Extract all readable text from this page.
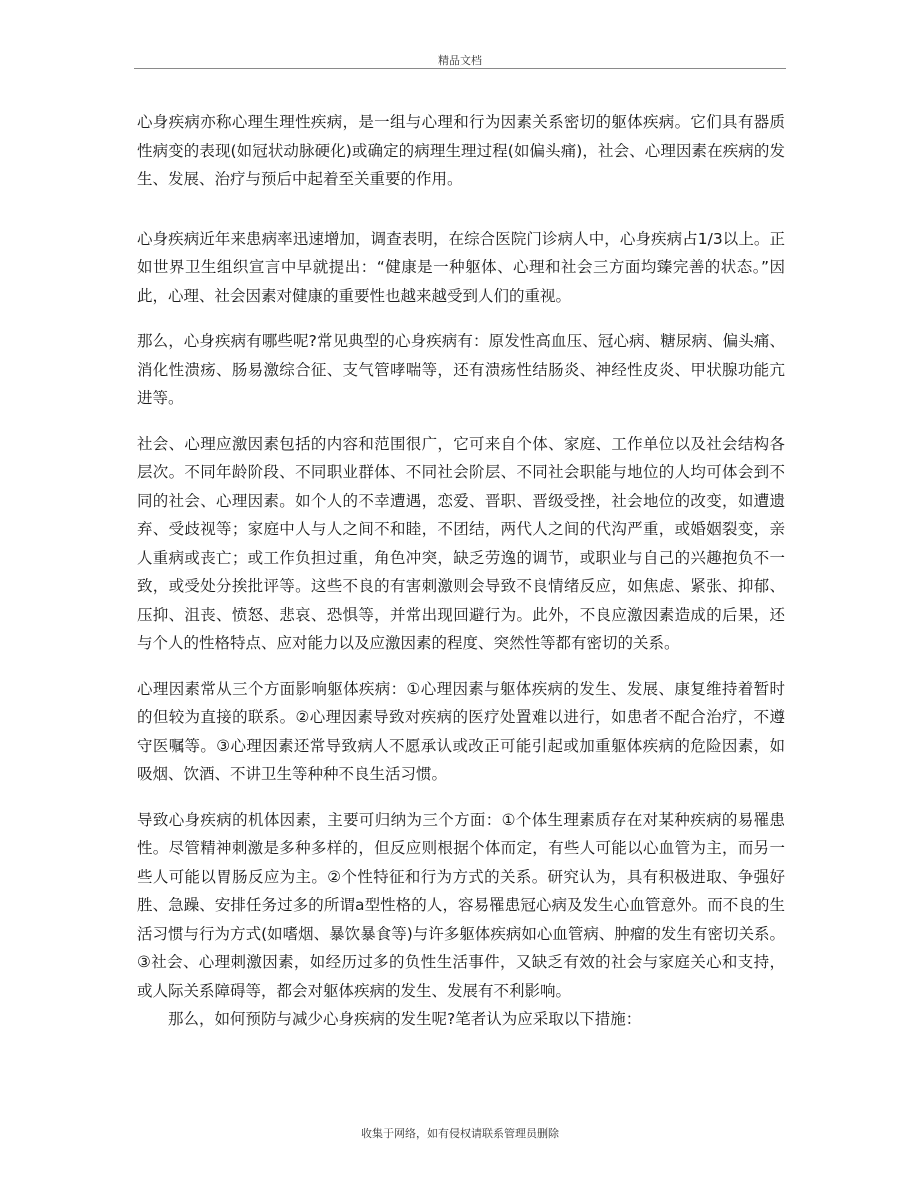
精品文档

心身疾病亦称心理生理性疾病，是一组与心理和行为因素关系密切的躯体疾病。它们具有器质性病变的表现(如冠状动脉硬化)或确定的病理生理过程(如偏头痛)，社会、心理因素在疾病的发生、发展、治疗与预后中起着至关重要的作用。

心身疾病近年来患病率迅速增加，调查表明，在综合医院门诊病人中，心身疾病占1/3以上。正如世界卫生组织宣言中早就提出：“健康是一种躯体、心理和社会三方面均臻完善的状态。”因此，心理、社会因素对健康的重要性也越来越受到人们的重视。

那么，心身疾病有哪些呢?常见典型的心身疾病有：原发性高血压、冠心病、糖尿病、偏头痛、消化性溃疡、肠易激综合征、支气管哮喘等，还有溃疡性结肠炎、神经性皮炎、甲状腺功能亢进等。

社会、心理应激因素包括的内容和范围很广，它可来自个体、家庭、工作单位以及社会结构各层次。不同年龄阶段、不同职业群体、不同社会阶层、不同社会职能与地位的人均可体会到不同的社会、心理因素。如个人的不幸遭遇，恋爱、晋职、晋级受挫，社会地位的改变，如遭遗弃、受歧视等；家庭中人与人之间不和睦，不团结，两代人之间的代沟严重，或婚姻裂变，亲人重病或丧亡；或工作负担过重，角色冲突，缺乏劳逸的调节，或职业与自己的兴趣抱负不一致，或受处分挨批评等。这些不良的有害刺激则会导致不良情绪反应，如焦虑、紧张、抑郁、压抑、沮丧、愤怒、悲哀、恐惧等，并常出现回避行为。此外，不良应激因素造成的后果，还与个人的性格特点、应对能力以及应激因素的程度、突然性等都有密切的关系。

心理因素常从三个方面影响躯体疾病：①心理因素与躯体疾病的发生、发展、康复维持着暂时的但较为直接的联系。②心理因素导致对疾病的医疗处置难以进行，如患者不配合治疗，不遵守医嘱等。③心理因素还常导致病人不愿承认或改正可能引起或加重躯体疾病的危险因素，如吸烟、饮酒、不讲卫生等种种不良生活习惯。

导致心身疾病的机体因素，主要可归纳为三个方面：①个体生理素质存在对某种疾病的易罹患性。尽管精神刺激是多种多样的，但反应则根据个体而定，有些人可能以心血管为主，而另一些人可能以胃肠反应为主。②个性特征和行为方式的关系。研究认为，具有积极进取、争强好胜、急躁、安排任务过多的所谓a型性格的人，容易罹患冠心病及发生心血管意外。而不良的生活习惯与行为方式(如嗜烟、暴饮暴食等)与许多躯体疾病如心血管病、肿瘤的发生有密切关系。③社会、心理刺激因素，如经历过多的负性生活事件，又缺乏有效的社会与家庭关心和支持，或人际关系障碍等，都会对躯体疾病的发生、发展有不利影响。

那么，如何预防与减少心身疾病的发生呢?笔者认为应采取以下措施：

收集于网络，如有侵权请联系管理员删除
